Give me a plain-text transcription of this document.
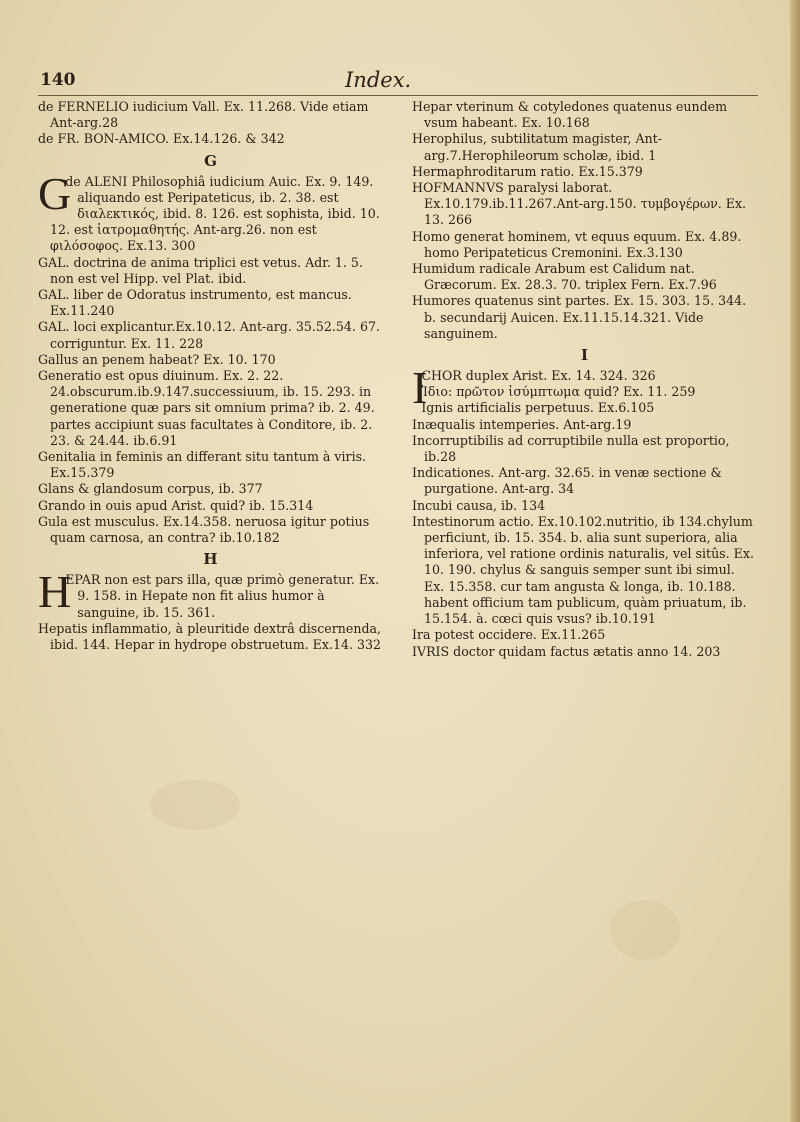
140	Index.

de FERNELIO iudicium Vall. Ex. 11.268. Vide etiam Ant-arg.28

de FR. BON-AMICO. Ex.14.126. & 342

G

G
de ALENI Philosophiâ iudicium Auic. Ex. 9. 149. aliquando est Peripateticus, ib. 2. 38. est διαλεκτικός, ibid. 8. 126. est sophista, ibid. 10. 12. est ἰατρομαθητής. Ant-arg.26. non est φιλόσοφος. Ex.13. 300

GAL. doctrina de anima triplici est vetus. Adr. 1. 5. non est vel Hipp. vel Plat. ibid.

GAL. liber de Odoratus instrumento, est mancus. Ex.11.240

GAL. loci explicantur.Ex.10.12. Ant-arg. 35.52.54. 67. corriguntur. Ex. 11. 228

Gallus an penem habeat? Ex. 10. 170

Generatio est opus diuinum. Ex. 2. 22. 24.obscurum.ib.9.147.successiuum, ib. 15. 293. in generatione quæ pars sit omnium prima? ib. 2. 49. partes accipiunt suas facultates à Conditore, ib. 2. 23. & 24.44. ib.6.91

Genitalia in feminis an differant situ tantum à viris. Ex.15.379

Glans & glandosum corpus, ib. 377

Grando in ouis apud Arist. quid? ib. 15.314

Gula est musculus. Ex.14.358. neruosa igitur potius quam carnosa, an contra? ib.10.182

H

H
EPAR non est pars illa, quæ primò generatur. Ex. 9. 158. in Hepate non fit alius humor à sanguine, ib. 15. 361.

Hepatis inflammatio, à pleuritide dextrâ discernenda, ibid. 144. Hepar in hydrope obstruetum. Ex.14. 332

Hepar vterinum & cotyledones quatenus eundem vsum habeant. Ex. 10.168

Herophilus, subtilitatum magister, Ant-arg.7.Herophileorum scholæ, ibid. 1

Hermaphroditarum ratio. Ex.15.379

HOFMANNVS paralysi laborat. Ex.10.179.ib.11.267.Ant-arg.150. τυμβογέρων. Ex. 13. 266

Homo generat hominem, vt equus equum. Ex. 4.89. homo Peripateticus Cremonini. Ex.3.130

Humidum radicale Arabum est Calidum nat. Græcorum. Ex. 28.3. 70. triplex Fern. Ex.7.96

Humores quatenus sint partes. Ex. 15. 303. 15. 344. b. secundarij Auicen. Ex.11.15.14.321. Vide sanguinem.

I

I
CHOR duplex Arist. Ex. 14. 324. 326

Ἰδιο: πρῶτον ἰσύμπτωμα quid? Ex. 11. 259

Ignis artificialis perpetuus. Ex.6.105

Inæqualis intemperies. Ant-arg.19

Incorruptibilis ad corruptibile nulla est proportio, ib.28

Indicationes. Ant-arg. 32.65. in venæ sectione & purgatione. Ant-arg. 34

Incubi causa, ib. 134

Intestinorum actio. Ex.10.102.nutritio, ib 134.chylum perficiunt, ib. 15. 354. b. alia sunt superiora, alia inferiora, vel ratione ordinis naturalis, vel sitûs. Ex. 10. 190. chylus & sanguis semper sunt ibi simul. Ex. 15.358. cur tam angusta & longa, ib. 10.188. habent officium tam publicum, quàm priuatum, ib. 15.154. à. cœci quis vsus? ib.10.191

Ira potest occidere. Ex.11.265

IVRIS doctor quidam factus ætatis anno 14. 203
